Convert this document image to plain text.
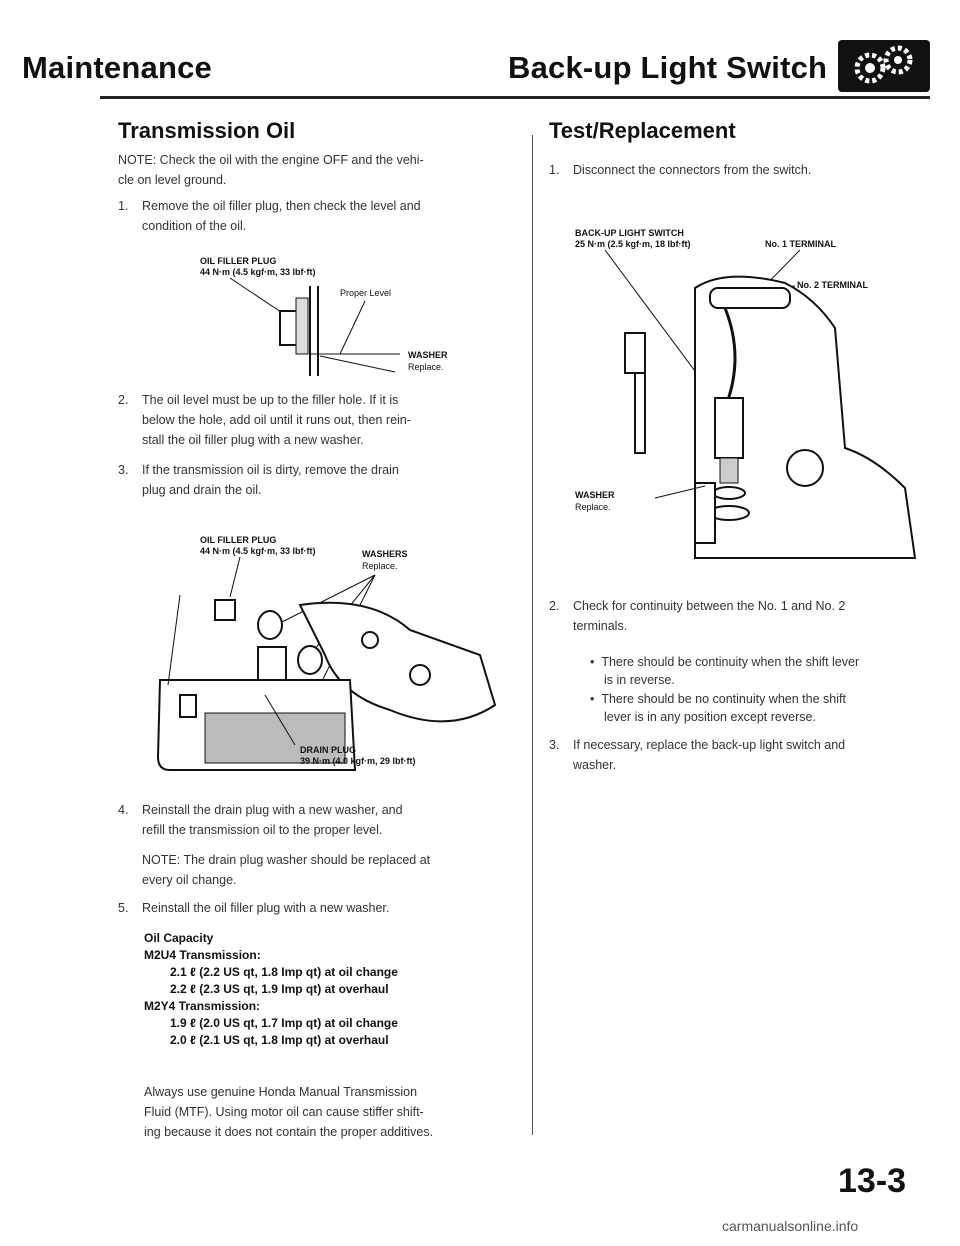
Maintenance	Back-up Light Switch
Transmission Oil
NOTE: Check the oil with the engine OFF and the vehi-
cle on level ground.
1. Remove the oil filler plug, then check the level and
condition of the oil.
OIL FILLER PLUG
44 N·m (4.5 kgf·m, 33 lbf·ft)
Proper Level
WASHER
Replace.
2. The oil level must be up to the filler hole. If it is
below the hole, add oil until it runs out, then rein-
stall the oil filler plug with a new washer.
3. If the transmission oil is dirty, remove the drain
plug and drain the oil.
OIL FILLER PLUG
44 N·m (4.5 kgf·m, 33 lbf·ft)	WASHERS
Replace.
DRAIN PLUG
39 N·m (4.0 kgf·m, 29 lbf·ft)
4. Reinstall the drain plug with a new washer, and
refill the transmission oil to the proper level.
NOTE: The drain plug washer should be replaced at
every oil change.
5. Reinstall the oil filler plug with a new washer.
Oil Capacity
M2U4 Transmission:
2.1 ℓ (2.2 US qt, 1.8 Imp qt) at oil change
2.2 ℓ (2.3 US qt, 1.9 Imp qt) at overhaul
M2Y4 Transmission:
1.9 ℓ (2.0 US qt, 1.7 Imp qt) at oil change
2.0 ℓ (2.1 US qt, 1.8 Imp qt) at overhaul
Always use genuine Honda Manual Transmission
Fluid (MTF). Using motor oil can cause stiffer shift-
ing because it does not contain the proper additives.
Test/Replacement
1. Disconnect the connectors from the switch.
BACK-UP LIGHT SWITCH
25 N·m (2.5 kgf·m, 18 lbf·ft)	No. 1 TERMINAL
No. 2 TERMINAL
WASHER
Replace.
2. Check for continuity between the No. 1 and No. 2
terminals.
•  There should be continuity when the shift lever
is in reverse.
•  There should be no continuity when the shift
lever is in any position except reverse.
3. If necessary, replace the back-up light switch and
washer.
13-3
carmanualsonline.info
